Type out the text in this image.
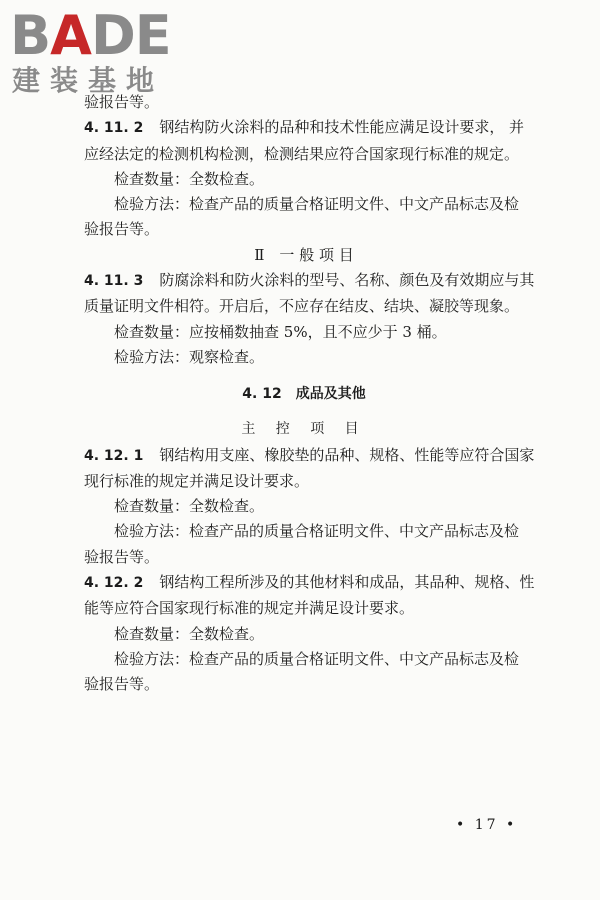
BADE
建装基地
验报告等。
4. 11. 2 钢结构防火涂料的品种和技术性能应满足设计要求， 并
应经法定的检测机构检测，检测结果应符合国家现行标准的规定。
检查数量：全数检查。
检验方法：检查产品的质量合格证明文件、中文产品标志及检
验报告等。
Ⅱ　一 般 项 目
4. 11. 3 防腐涂料和防火涂料的型号、名称、颜色及有效期应与其
质量证明文件相符。开启后，不应存在结皮、结块、凝胶等现象。
检查数量：应按桶数抽查 5%，且不应少于 3 桶。
检验方法：观察检查。
4. 12 成品及其他
主 控 项 目
4. 12. 1 钢结构用支座、橡胶垫的品种、规格、性能等应符合国家
现行标准的规定并满足设计要求。
检查数量：全数检查。
检验方法：检查产品的质量合格证明文件、中文产品标志及检
验报告等。
4. 12. 2 钢结构工程所涉及的其他材料和成品，其品种、规格、性
能等应符合国家现行标准的规定并满足设计要求。
检查数量：全数检查。
检验方法：检查产品的质量合格证明文件、中文产品标志及检
验报告等。
• 17 •
